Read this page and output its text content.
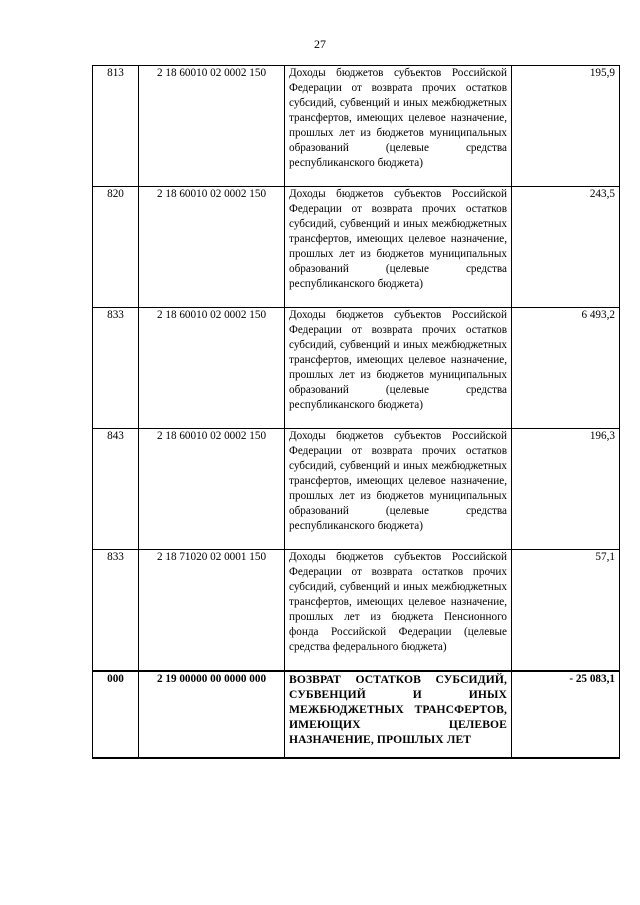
27
813	2 18 60010 02 0002 150	Доходы бюджетов субъектов Российской Федерации от возврата прочих остатков субсидий, субвенций и иных межбюджетных трансфертов, имеющих целевое назначение, прошлых лет из бюджетов муниципальных образований (целевые средства республиканского бюджета)	195,9
820	2 18 60010 02 0002 150	Доходы бюджетов субъектов Российской Федерации от возврата прочих остатков субсидий, субвенций и иных межбюджетных трансфертов, имеющих целевое назначение, прошлых лет из бюджетов муниципальных образований (целевые средства республиканского бюджета)	243,5
833	2 18 60010 02 0002 150	Доходы бюджетов субъектов Российской Федерации от возврата прочих остатков субсидий, субвенций и иных межбюджетных трансфертов, имеющих целевое назначение, прошлых лет из бюджетов муниципальных образований (целевые средства республиканского бюджета)	6 493,2
843	2 18 60010 02 0002 150	Доходы бюджетов субъектов Российской Федерации от возврата прочих остатков субсидий, субвенций и иных межбюджетных трансфертов, имеющих целевое назначение, прошлых лет из бюджетов муниципальных образований (целевые средства республиканского бюджета)	196,3
833	2 18 71020 02 0001 150	Доходы бюджетов субъектов Российской Федерации от возврата остатков прочих субсидий, субвенций и иных межбюджетных трансфертов, имеющих целевое назначение, прошлых лет из бюджета Пенсионного фонда Российской Федерации (целевые средства федерального бюджета)	57,1
000	2 19 00000 00 0000 000	ВОЗВРАТ ОСТАТКОВ СУБСИДИЙ, СУБВЕНЦИЙ И ИНЫХ МЕЖБЮДЖЕТНЫХ ТРАНСФЕРТОВ, ИМЕЮЩИХ ЦЕЛЕВОЕ НАЗНАЧЕНИЕ, ПРОШЛЫХ ЛЕТ	- 25 083,1
